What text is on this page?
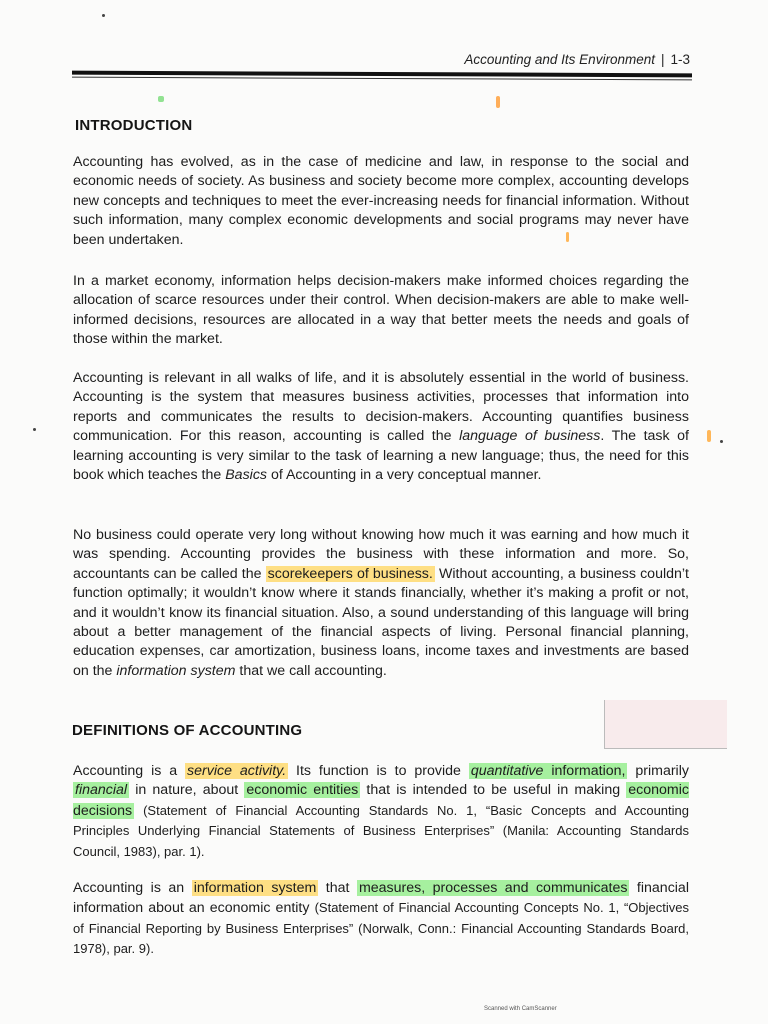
Accounting and Its Environment | 1-3
INTRODUCTION
Accounting has evolved, as in the case of medicine and law, in response to the social and economic needs of society. As business and society become more complex, accounting develops new concepts and techniques to meet the ever-increasing needs for financial information. Without such information, many complex economic developments and social programs may never have been undertaken.
In a market economy, information helps decision-makers make informed choices regarding the allocation of scarce resources under their control. When decision-makers are able to make well-informed decisions, resources are allocated in a way that better meets the needs and goals of those within the market.
Accounting is relevant in all walks of life, and it is absolutely essential in the world of business. Accounting is the system that measures business activities, processes that information into reports and communicates the results to decision-makers. Accounting quantifies business communication. For this reason, accounting is called the language of business. The task of learning accounting is very similar to the task of learning a new language; thus, the need for this book which teaches the Basics of Accounting in a very conceptual manner.
No business could operate very long without knowing how much it was earning and how much it was spending. Accounting provides the business with these information and more. So, accountants can be called the scorekeepers of business. Without accounting, a business couldn’t function optimally; it wouldn’t know where it stands financially, whether it’s making a profit or not, and it wouldn’t know its financial situation. Also, a sound understanding of this language will bring about a better management of the financial aspects of living. Personal financial planning, education expenses, car amortization, business loans, income taxes and investments are based on the information system that we call accounting.
DEFINITIONS OF ACCOUNTING
Accounting is a service activity. Its function is to provide quantitative information, primarily financial in nature, about economic entities that is intended to be useful in making economic decisions (Statement of Financial Accounting Standards No. 1, “Basic Concepts and Accounting Principles Underlying Financial Statements of Business Enterprises” (Manila: Accounting Standards Council, 1983), par. 1).
Accounting is an information system that measures, processes and communicates financial information about an economic entity (Statement of Financial Accounting Concepts No. 1, “Objectives of Financial Reporting by Business Enterprises” (Norwalk, Conn.: Financial Accounting Standards Board, 1978), par. 9).
Scanned with CamScanner
